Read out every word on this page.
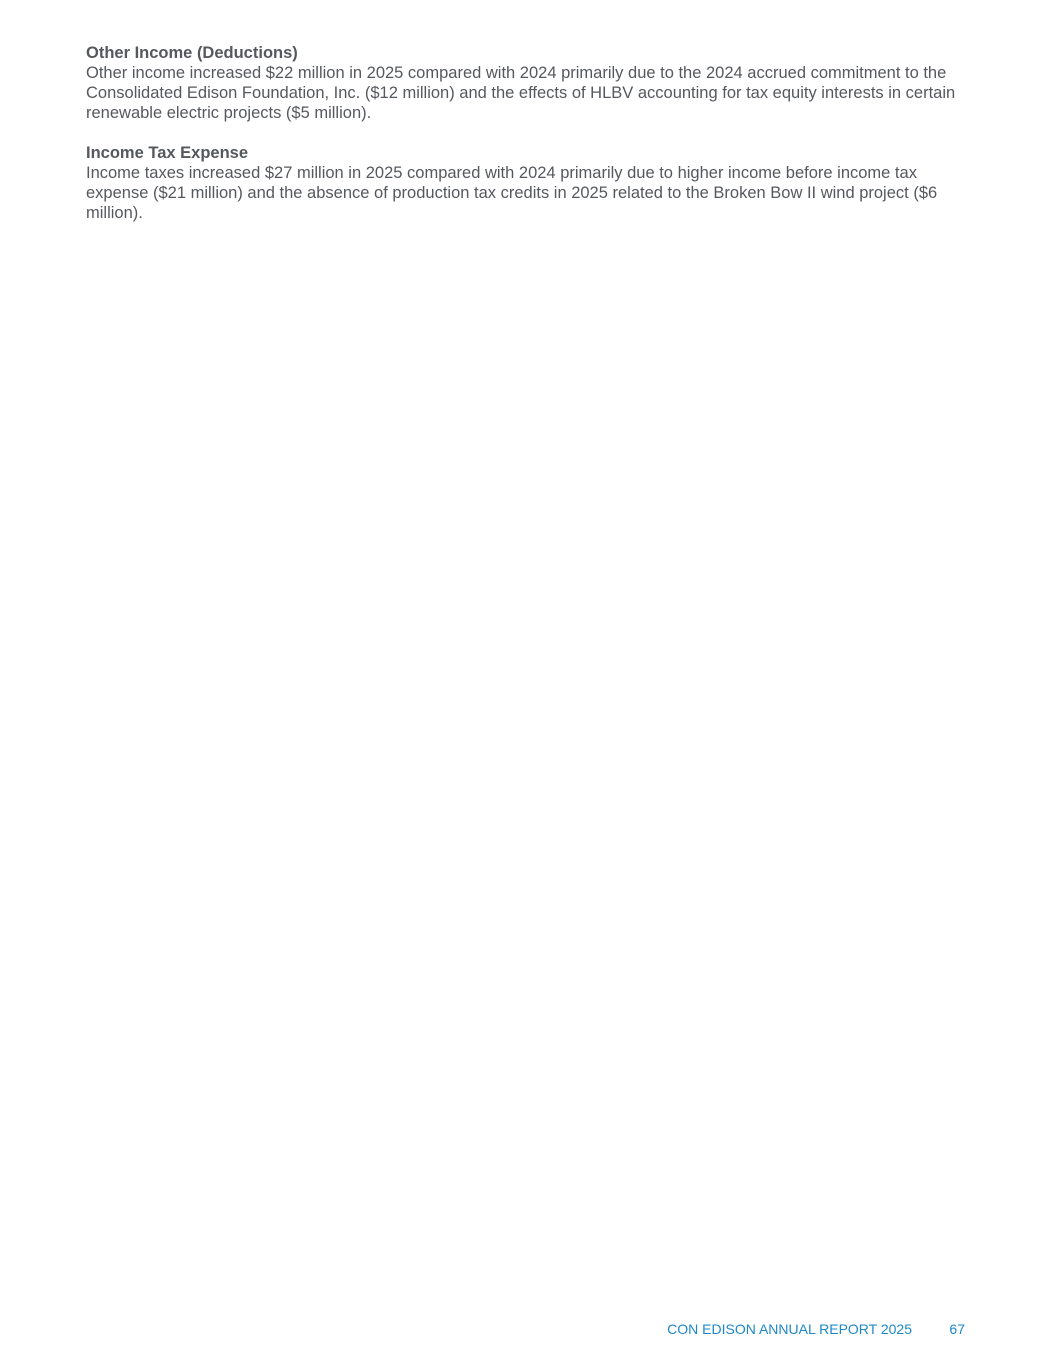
Other Income (Deductions)

Other income increased $22 million in 2025 compared with 2024 primarily due to the 2024 accrued commitment to the Consolidated Edison Foundation, Inc. ($12 million) and the effects of HLBV accounting for tax equity interests in certain renewable electric projects ($5 million).

Income Tax Expense

Income taxes increased $27 million in 2025 compared with 2024 primarily due to higher income before income tax expense ($21 million) and the absence of production tax credits in 2025 related to the Broken Bow II wind project ($6 million).

CON EDISON ANNUAL REPORT 2025	67
